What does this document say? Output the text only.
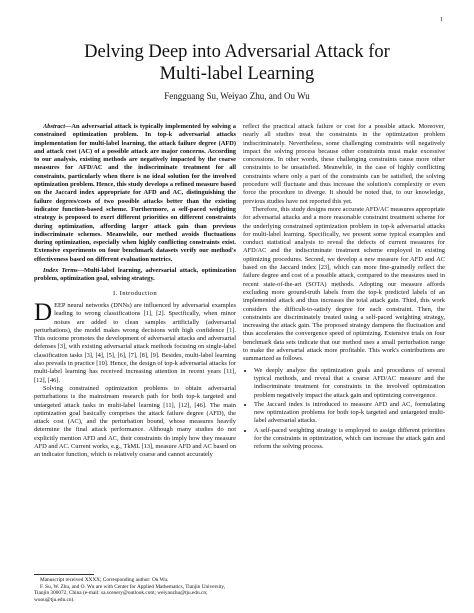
1
Delving Deep into Adversarial Attack for
Multi-label Learning
Fengguang Su, Weiyao Zhu, and Ou Wu

Abstract—An adversarial attack is typically implemented by solving a constrained optimization problem. In top-k adversarial attacks implementation for multi-label learning, the attack failure degree (AFD) and attack cost (AC) of a possible attack are major concerns. According to our analysis, existing methods are negatively impacted by the coarse measures for AFD/AC and the indiscriminate treatment for all constraints, particularly when there is no ideal solution for the involved optimization problem. Hence, this study develops a refined measure based on the Jaccard index appropriate for AFD and AC, distinguishing the failure degrees/costs of two possible attacks better than the existing indicator function-based scheme. Furthermore, a self-paced weighting strategy is proposed to exert different priorities on different constraints during optimization, affording larger attack gain than previous indiscriminate schemes. Meanwhile, our method avoids fluctuations during optimization, especially when highly conflicting constraints exist. Extensive experiments on four benchmark datasets verify our method's effectiveness based on different evaluation metrics.

Index Terms—Multi-label learning, adversarial attack, optimization problem, optimization goal, solving strategy.

I. Introduction

DEEP neural networks (DNNs) are influenced by adversarial examples leading to wrong classifications [1], [2]. Specifically, when minor noises are added to clean samples artificially (adversarial perturbations), the model makes wrong decisions with high confidence [1]. This outcome promotes the development of adversarial attacks and adversarial defenses [3], with existing adversarial attack methods focusing on single-label classification tasks [3], [4], [5], [6], [7], [8], [9]. Besides, multi-label learning also prevails in practice [10]. Hence, the design of top-k adversarial attacks for multi-label learning has received increasing attention in recent years [11], [12], [46].

Solving constrained optimization problems to obtain adversarial perturbations is the mainstream research path for both top-k targeted and untargeted attack tasks in multi-label learning [11], [12], [46]. The main optimization goal basically comprises the attack failure degree (AFD), the attack cost (AC), and the perturbation bound, whose measures heavily determine the final attack performance. Although many studies do not explicitly mention AFD and AC, their constraints do imply how they measure AFD and AC. Current works, e.g., TkML [13], measure AFD and AC based on an indicator function, which is relatively coarse and cannot accurately

Manuscript received XXXX; Corresponding author: Ou Wu.
F. Su, W. Zhu, and O. Wu are with Center for Applied Mathematics, Tianjin University, Tianjin 300072, China (e-mail: sa.scenery@outlook.com; weiyaozhu@tju.edu.cn; wuou@tju.edu.cn).

reflect the practical attack failure or cost for a possible attack. Moreover, nearly all studies treat the constraints in the optimization problem indiscriminately. Nevertheless, some challenging constraints will negatively impact the solving process because other constraints must make excessive concessions. In other words, these challenging constraints cause more other constraints to be unsatisfied. Meanwhile, in the case of highly conflicting constraints where only a part of the constraints can be satisfied, the solving procedure will fluctuate and thus increase the solution's complexity or even force the procedure to diverge. It should be noted that, to our knowledge, previous studies have not reported this yet.

Therefore, this study designs more accurate AFD/AC measures appropriate for adversarial attacks and a more reasonable constraint treatment scheme for the underlying constrained optimization problem in top-k adversarial attacks for multi-label learning. Specifically, we present some typical examples and conduct statistical analysis to reveal the defects of current measures for AFD/AC and the indiscriminate treatment scheme employed in existing optimizing procedures. Second, we develop a new measure for AFD and AC based on the Jaccard index [23], which can more fine-grainedly reflect the failure degree and cost of a possible attack, compared to the measures used in recent state-of-the-art (SOTA) methods. Adopting our measure affords excluding more ground-truth labels from the top-k predicted labels of an implemented attack and thus increases the total attack gain. Third, this work considers the difficult-to-satisfy degree for each constraint. Then, the constraints are discriminately treated using a self-paced weighting strategy, increasing the attack gain. The proposed strategy dampens the fluctuation and thus accelerates the convergence speed of optimizing. Extensive trials on four benchmark data sets indicate that our method uses a small perturbation range to make the adversarial attack more profitable. This work's contributions are summarized as follows.

• We deeply analyze the optimization goals and procedures of several typical methods, and reveal that a coarse AFD/AC measure and the indiscriminate treatment for constraints in the involved optimization problem negatively impact the attack gain and optimizing convergence.
• The Jaccard index is introduced to measure AFD and AC, formulating new optimization problems for both top-k targeted and untargeted multi-label adversarial attacks.
• A self-paced weighting strategy is employed to assign different priorities for the constraints in optimization, which can increase the attack gain and reform the solving process.
